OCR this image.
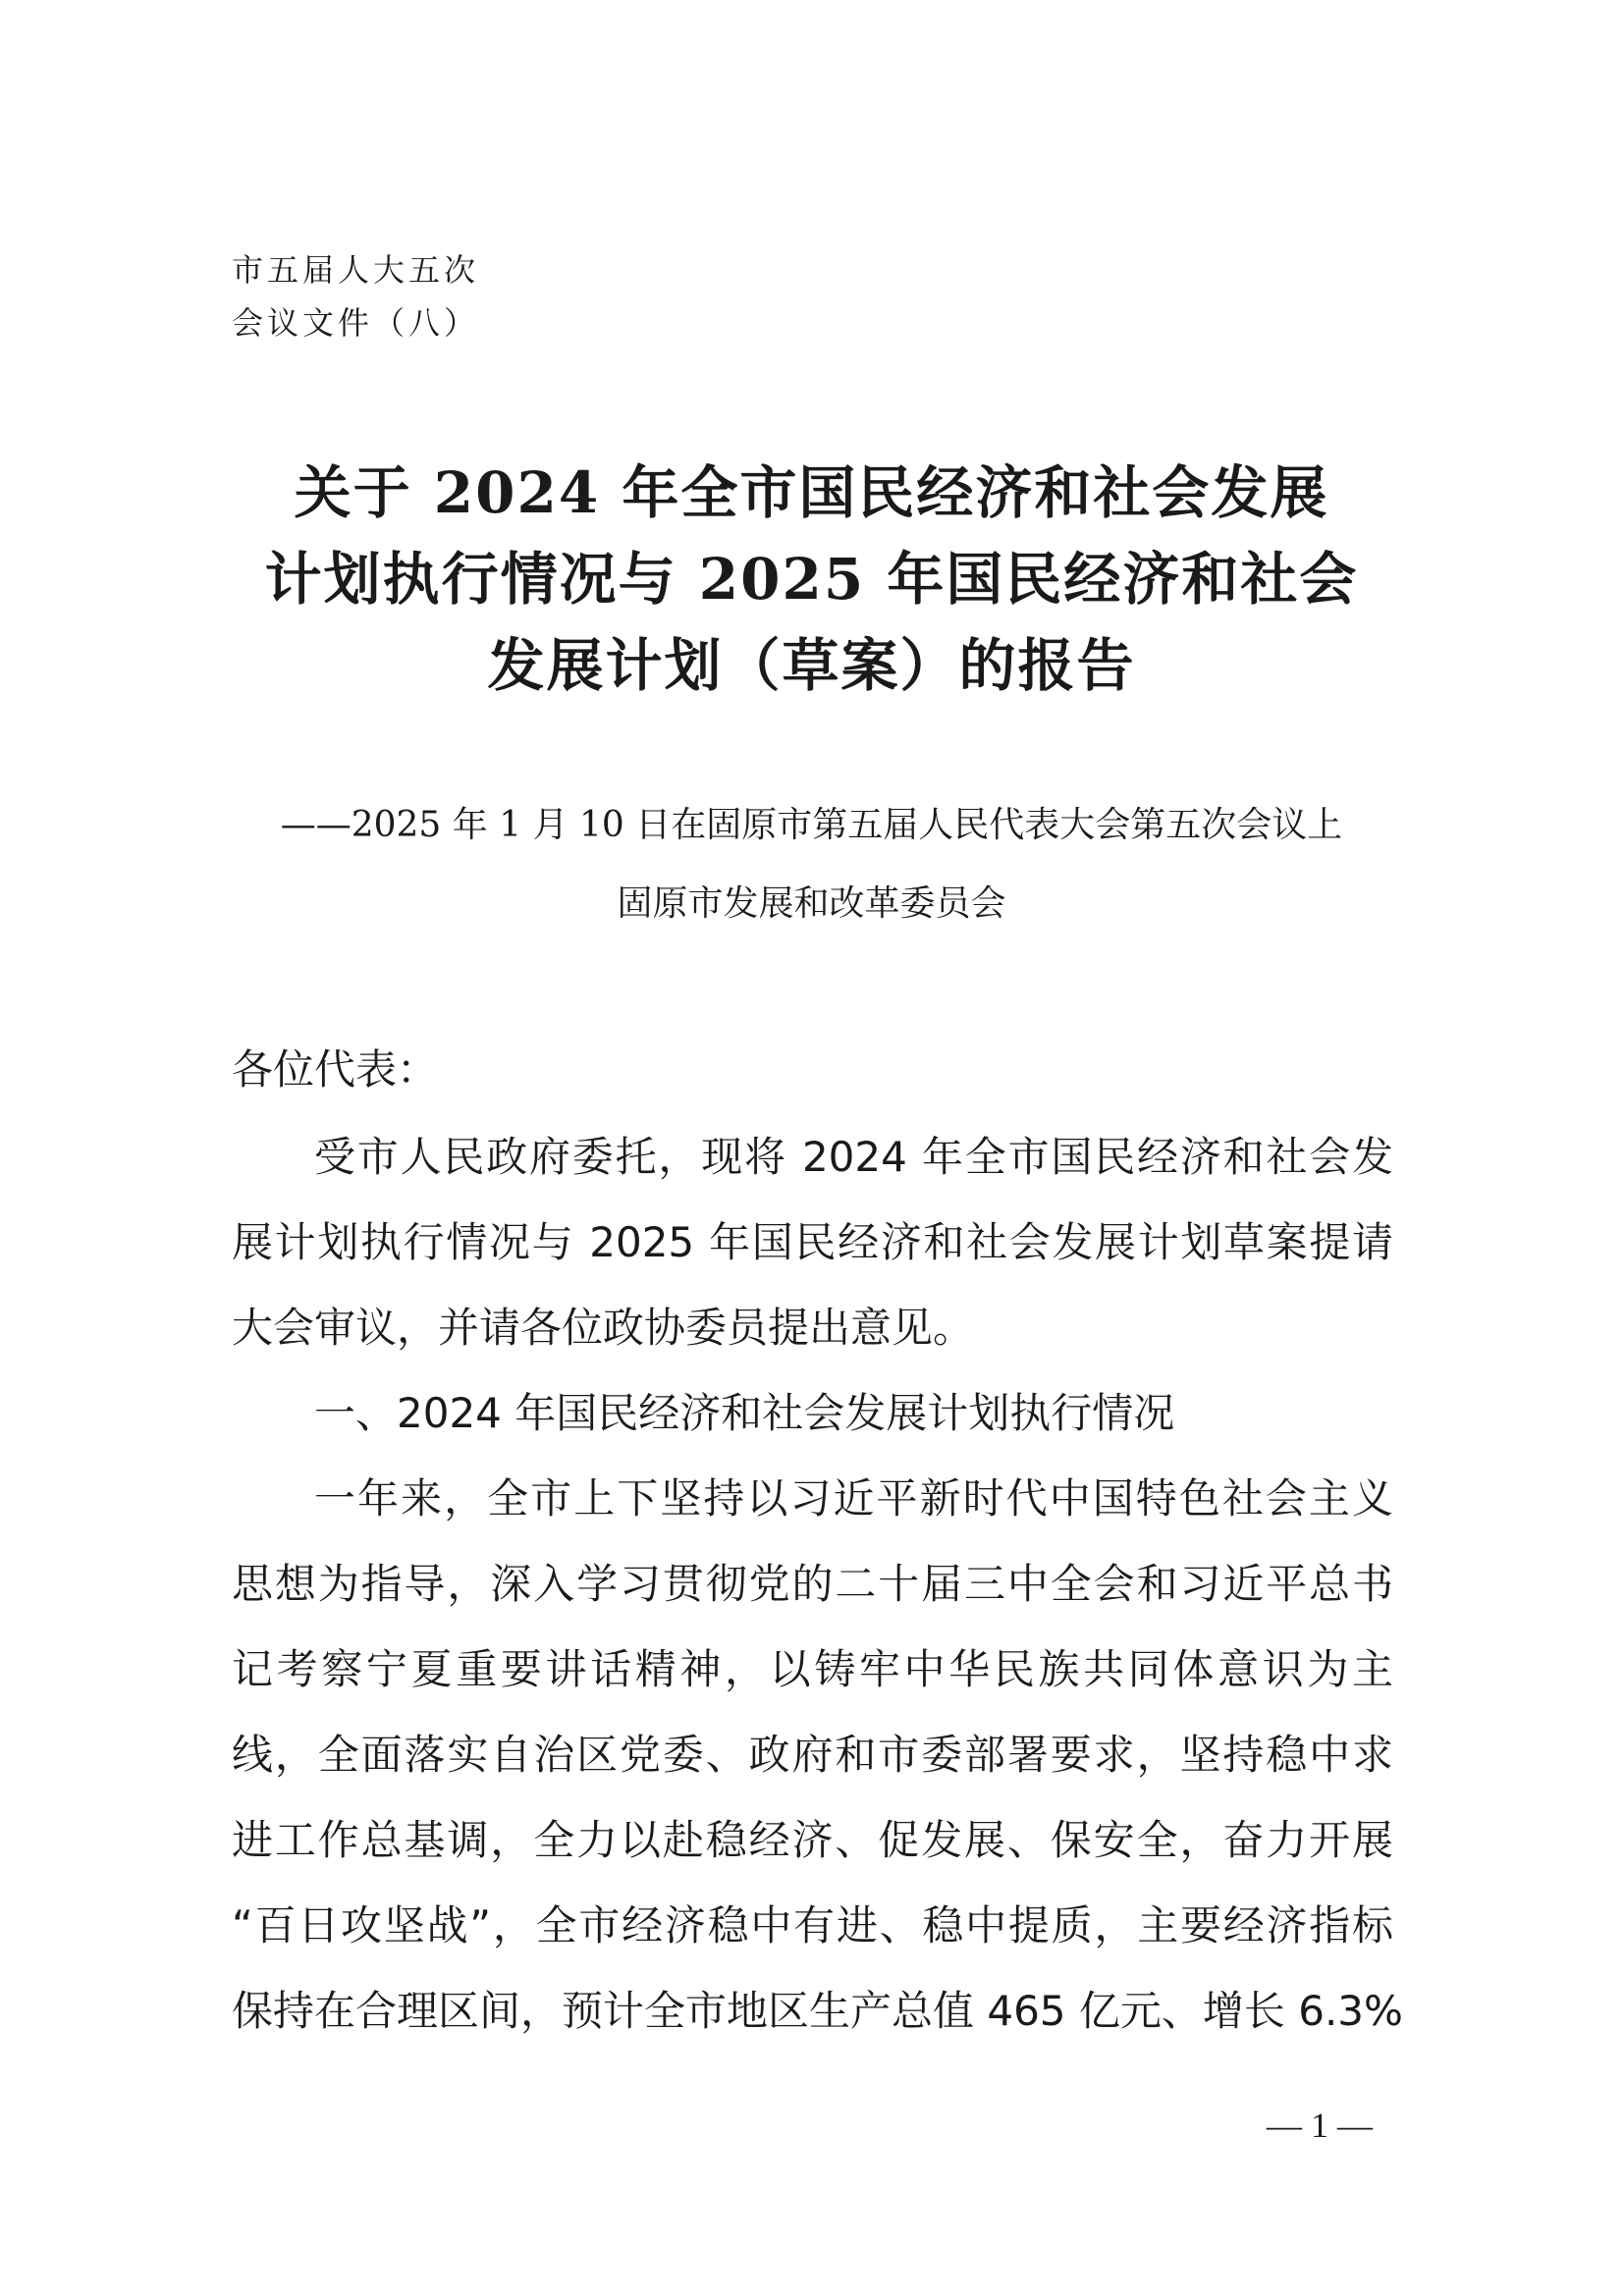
市五届人大五次
会议文件（八）
关于 2024 年全市国民经济和社会发展
计划执行情况与 2025 年国民经济和社会
发展计划（草案）的报告
——2025 年 1 月 10 日在固原市第五届人民代表大会第五次会议上
固原市发展和改革委员会
各位代表：
受市人民政府委托，现将 2024 年全市国民经济和社会发
展计划执行情况与 2025 年国民经济和社会发展计划草案提请
大会审议，并请各位政协委员提出意见。
一、2024 年国民经济和社会发展计划执行情况
一年来，全市上下坚持以习近平新时代中国特色社会主义
思想为指导，深入学习贯彻党的二十届三中全会和习近平总书
记考察宁夏重要讲话精神，以铸牢中华民族共同体意识为主
线，全面落实自治区党委、政府和市委部署要求，坚持稳中求
进工作总基调，全力以赴稳经济、促发展、保安全，奋力开展
“百日攻坚战”，全市经济稳中有进、稳中提质，主要经济指标
保持在合理区间，预计全市地区生产总值 465 亿元、增长 6.3%
— 1 —
